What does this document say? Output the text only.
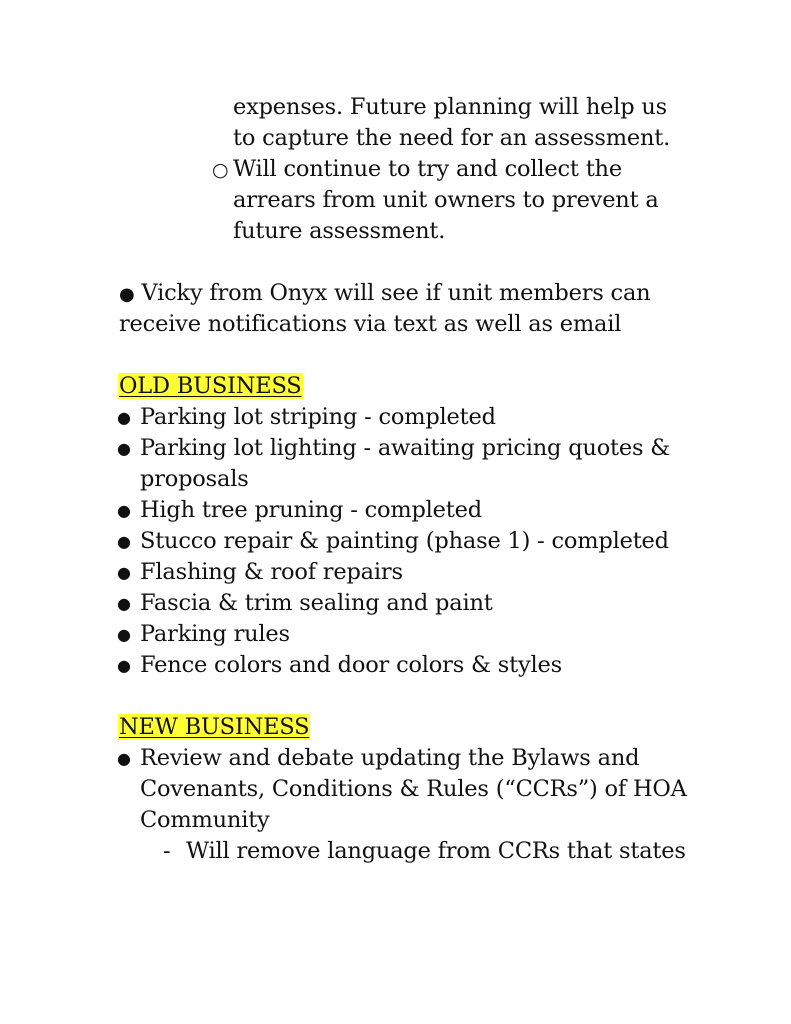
expenses. Future planning will help us
to capture the need for an assessment.
○ Will continue to try and collect the
arrears from unit owners to prevent a
future assessment.
● Vicky from Onyx will see if unit members can
receive notifications via text as well as email
OLD BUSINESS
● Parking lot striping - completed
● Parking lot lighting - awaiting pricing quotes &
proposals
● High tree pruning - completed
● Stucco repair & painting (phase 1) - completed
● Flashing & roof repairs
● Fascia & trim sealing and paint
● Parking rules
● Fence colors and door colors & styles
NEW BUSINESS
● Review and debate updating the Bylaws and
Covenants, Conditions & Rules (“CCRs”) of HOA
Community
- Will remove language from CCRs that states
